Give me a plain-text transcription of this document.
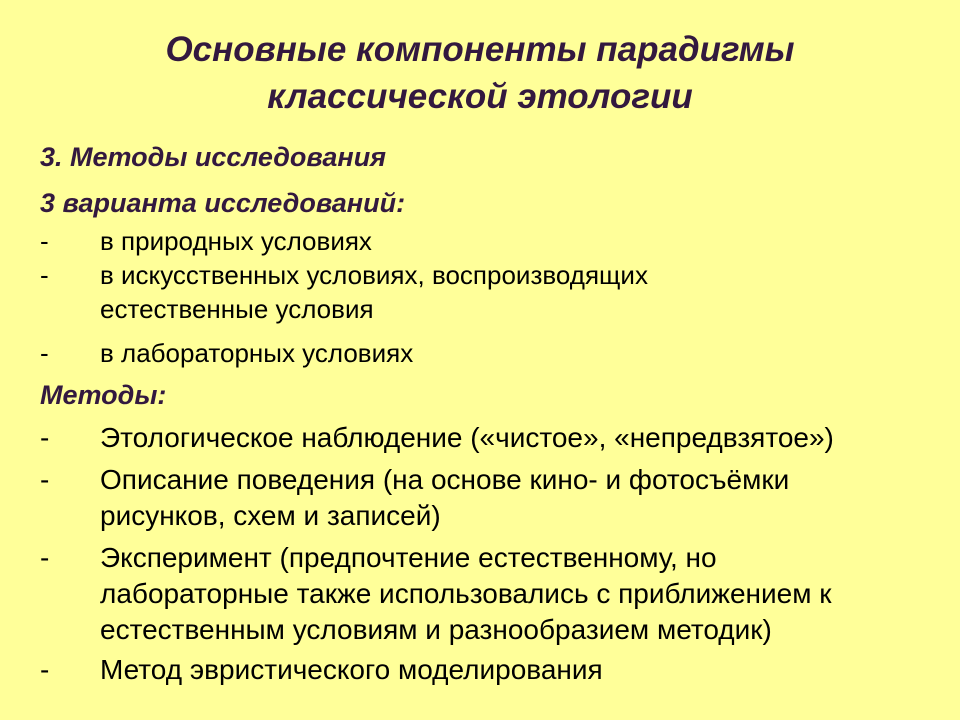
Основные компоненты парадигмы
классической этологии
3. Методы исследования
3 варианта исследований:
- в природных условиях
- в искусственных условиях, воспроизводящих
естественные условия
- в лабораторных условиях
Методы:
- Этологическое наблюдение («чистое», «непредвзятое»)
- Описание поведения (на основе кино- и фотосъёмки
рисунков, схем и записей)
- Эксперимент (предпочтение естественному, но
лабораторные также использовались с приближением к
естественным условиям и разнообразием методик)
- Метод эвристического моделирования
